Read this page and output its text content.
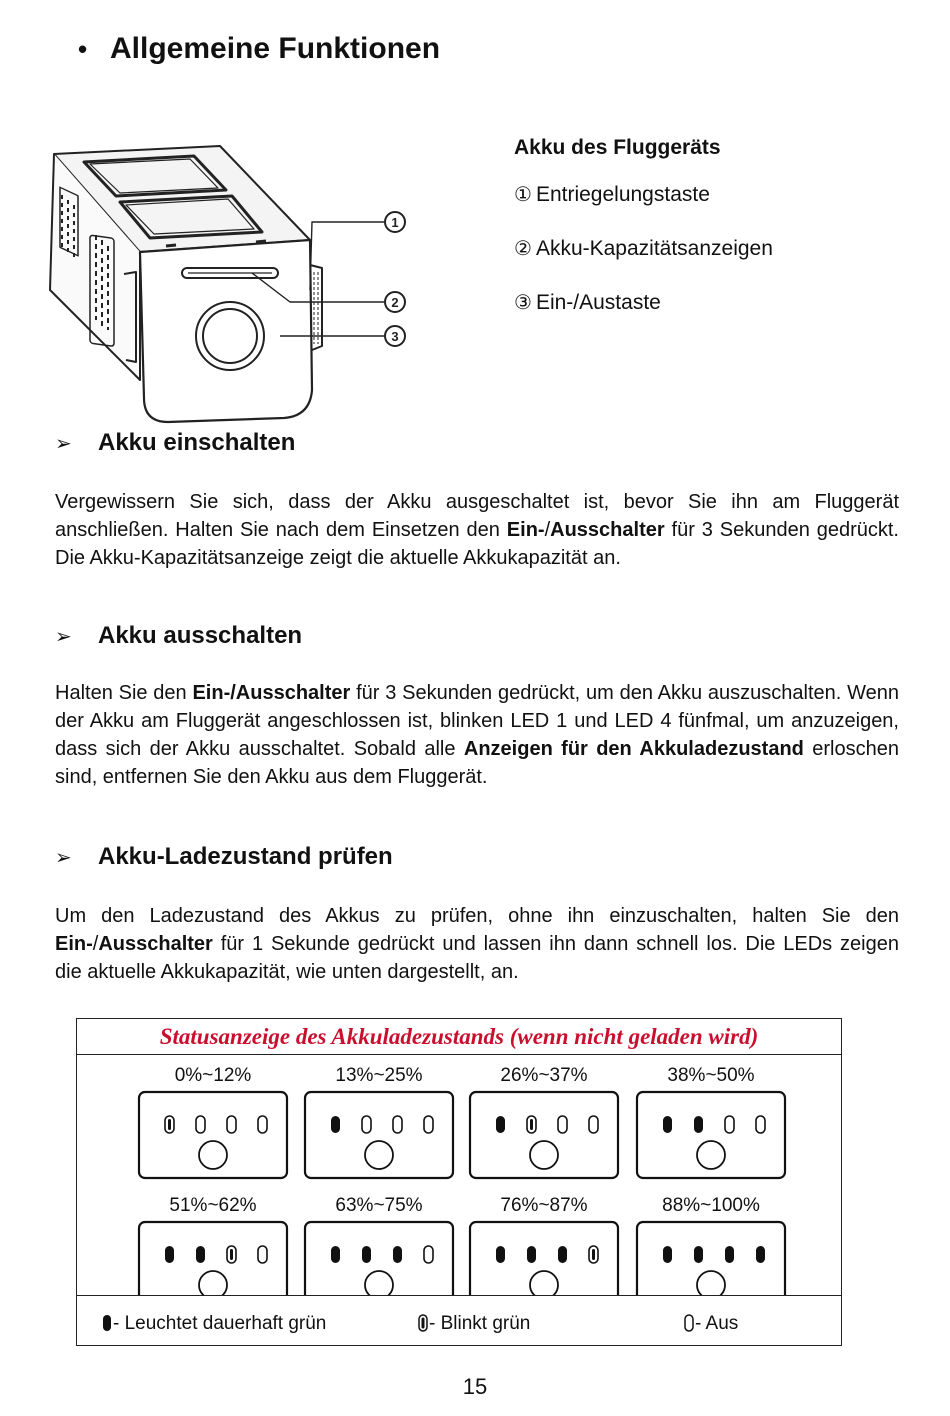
• Allgemeine Funktionen
1
2
3

Akku des Fluggeräts

① Entriegelungstaste

② Akku-Kapazitätsanzeigen

③ Ein-/Austaste

➢ Akku einschalten

Vergewissern Sie sich, dass der Akku ausgeschaltet ist, bevor Sie ihn am Fluggerät anschließen. Halten Sie nach dem Einsetzen den Ein-/Ausschalter für 3 Sekunden gedrückt. Die Akku-Kapazitätsanzeige zeigt die aktuelle Akkukapazität an.

➢ Akku ausschalten

Halten Sie den Ein-/Ausschalter für 3 Sekunden gedrückt, um den Akku auszuschalten. Wenn der Akku am Fluggerät angeschlossen ist, blinken LED 1 und LED 4 fünfmal, um anzuzeigen, dass sich der Akku ausschaltet. Sobald alle Anzeigen für den Akkuladezustand erloschen sind, entfernen Sie den Akku aus dem Fluggerät.

➢ Akku-Ladezustand prüfen

Um den Ladezustand des Akkus zu prüfen, ohne ihn einzuschalten, halten Sie den Ein-/Ausschalter für 1 Sekunde gedrückt und lassen ihn dann schnell los. Die LEDs zeigen die aktuelle Akkukapazität, wie unten dargestellt, an.

Statusanzeige des Akkuladezustands (wenn nicht geladen wird)
0%~12%	13%~25%	26%~37%	38%~50%
51%~62%	63%~75%	76%~87%	88%~100%
- Leuchtet dauerhaft grün	- Blinkt grün	- Aus
15
